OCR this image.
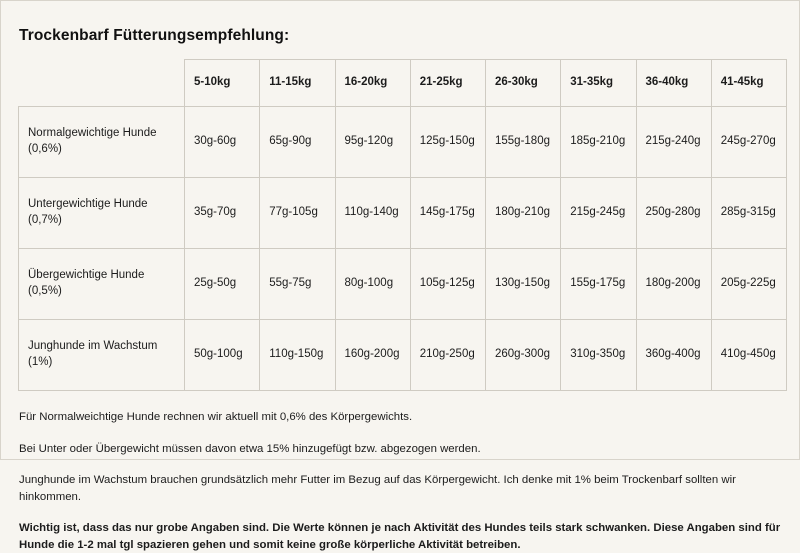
Trockenbarf Fütterungsempfehlung:
	5-10kg	11-15kg	16-20kg	21-25kg	26-30kg	31-35kg	36-40kg	41-45kg
Normalgewichtige Hunde (0,6%)	30g-60g	65g-90g	95g-120g	125g-150g	155g-180g	185g-210g	215g-240g	245g-270g
Untergewichtige Hunde (0,7%)	35g-70g	77g-105g	110g-140g	145g-175g	180g-210g	215g-245g	250g-280g	285g-315g
Übergewichtige Hunde (0,5%)	25g-50g	55g-75g	80g-100g	105g-125g	130g-150g	155g-175g	180g-200g	205g-225g
Junghunde im Wachstum (1%)	50g-100g	110g-150g	160g-200g	210g-250g	260g-300g	310g-350g	360g-400g	410g-450g

Für Normalweichtige Hunde rechnen wir aktuell mit 0,6% des Körpergewichts.

Bei Unter oder Übergewicht müssen davon etwa 15% hinzugefügt bzw. abgezogen werden.

Junghunde im Wachstum brauchen grundsätzlich mehr Futter im Bezug auf das Körpergewicht. Ich denke mit 1% beim Trockenbarf sollten wir hinkommen.

Wichtig ist, dass das nur grobe Angaben sind. Die Werte können je nach Aktivität des Hundes teils stark schwanken. Diese Angaben sind für Hunde die 1-2 mal tgl spazieren gehen und somit keine große körperliche Aktivität betreiben.
